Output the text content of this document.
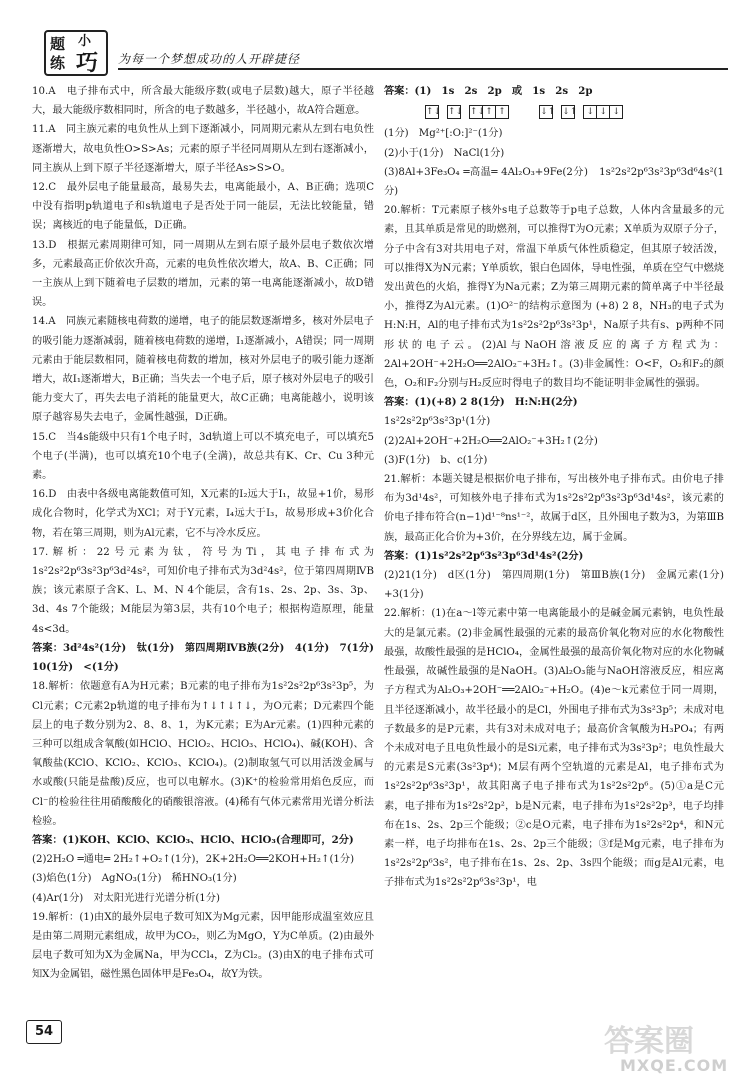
题 小
练 巧 为每一个梦想成功的人开辟捷径

10.A　电子排布式中，所含最大能级序数(或电子层数)越大，原子半径越大，最大能级序数相同时，所含的电子数越多，半径越小，故A符合题意。

11.A　同主族元素的电负性从上到下逐渐减小，同周期元素从左到右电负性逐渐增大，故电负性O>S>As；元素的原子半径同周期从左到右逐渐减小，同主族从上到下原子半径逐渐增大，原子半径As>S>O。

12.C　最外层电子能量最高，最易失去，电离能最小，A、B正确；选项C中没有指明p轨道电子和s轨道电子是否处于同一能层，无法比较能量，错误；离核近的电子能量低，D正确。

13.D　根据元素周期律可知，同一周期从左到右原子最外层电子数依次增多，元素最高正价依次升高，元素的电负性依次增大，故A、B、C正确；同一主族从上到下随着电子层数的增加，元素的第一电离能逐渐减小，故D错误。

14.A　同族元素随核电荷数的递增，电子的能层数逐渐增多，核对外层电子的吸引能力逐渐减弱，随着核电荷数的递增，I₁逐渐减小，A错误；同一周期元素由于能层数相同，随着核电荷数的增加，核对外层电子的吸引能力逐渐增大，故I₁逐渐增大，B正确；当失去一个电子后，原子核对外层电子的吸引能力变大了，再失去电子消耗的能量更大，故C正确；电离能越小，说明该原子越容易失去电子，金属性越强，D正确。

15.C　当4s能级中只有1个电子时，3d轨道上可以不填充电子，可以填充5个电子(半满)，也可以填充10个电子(全满)，故总共有K、Cr、Cu 3种元素。

16.D　由表中各级电离能数值可知，X元素的I₂远大于I₁，故显+1价，易形成化合物时，化学式为XCl；对于Y元素，I₄远大于I₃，故易形成+3价化合物，若在第三周期，则为Al元素，它不与冷水反应。

17.解析：22号元素为钛，符号为Ti，其电子排布式为1s²2s²2p⁶3s²3p⁶3d²4s²，可知价电子排布式为3d²4s²，位于第四周期ⅣB族；该元素原子含K、L、M、N 4个能层，含有1s、2s、2p、3s、3p、3d、4s 7个能级；M能层为第3层，共有10个电子；根据构造原理，能量4s<3d。

答案：3d²4s²(1分)　钛(1分)　第四周期ⅣB族(2分)　4(1分)　7(1分)　10(1分)　<(1分)

18.解析：依题意有A为H元素；B元素的电子排布为1s²2s²2p⁶3s²3p⁵，为Cl元素；C元素2p轨道的电子排布为↑↓↑↓↑↓，为O元素；D元素四个能层上的电子数分别为2、8、8、1，为K元素；E为Ar元素。(1)四种元素的三种可以组成含氧酸(如HClO、HClO₂、HClO₃、HClO₄)、碱(KOH)、含氧酸盐(KClO、KClO₂、KClO₃、KClO₄)。(2)制取氢气可以用活泼金属与水或酸(只能是盐酸)反应，也可以电解水。(3)K⁺的检验常用焰色反应，而Cl⁻的检验往往用硝酸酸化的硝酸银溶液。(4)稀有气体元素常用光谱分析法检验。

答案：(1)KOH、KClO、KClO₃、HClO、HClO₃(合理即可，2分)

(2)2H₂O ═通电═ 2H₂↑+O₂↑(1分)，2K+2H₂O══2KOH+H₂↑(1分)

(3)焰色(1分)　AgNO₃(1分)　稀HNO₃(1分)

(4)Ar(1分)　对太阳光进行光谱分析(1分)

19.解析：(1)由X的最外层电子数可知X为Mg元素，因甲能形成温室效应且是由第二周期元素组成，故甲为CO₂，则乙为MgO，Y为C单质。(2)由最外层电子数可知为X为金属Na，甲为CCl₄，Z为Cl₂。(3)由X的电子排布式可知X为金属铝，磁性黑色固体甲是Fe₃O₄，故Y为铁。

答案：(1)　1s　2s　2p　或　1s　2s　2p

↑↓ ↑↓ ↑↓ ↑ ↑
	↓↑ ↓↑	↓ ↓ ↓

(1分)　Mg²⁺[:O:]²⁻(1分)

(2)小于(1分)　NaCl(1分)

(3)8Al+3Fe₃O₄ ═高温═ 4Al₂O₃+9Fe(2分)　1s²2s²2p⁶3s²3p⁶3d⁶4s²(1分)

20.解析：T元素原子核外s电子总数等于p电子总数，人体内含量最多的元素，且其单质是常见的助燃剂，可以推得T为O元素；X单质为双原子分子，分子中含有3对共用电子对，常温下单质气体性质稳定，但其原子较活泼，可以推得X为N元素；Y单质软，银白色固体，导电性强，单质在空气中燃烧发出黄色的火焰，推得Y为Na元素；Z为第三周期元素的简单离子中半径最小，推得Z为Al元素。(1)O²⁻的结构示意图为 (+8) 2 8，NH₃的电子式为H:N:H，Al的电子排布式为1s²2s²2p⁶3s²3p¹，Na原子共有s、p两种不同形状的电子云。(2)Al与NaOH溶液反应的离子方程式为：2Al+2OH⁻+2H₂O══2AlO₂⁻+3H₂↑。(3)非金属性：O<F，O₂和F₂的颜色，O₂和F₂分别与H₂反应时得电子的数目均不能证明非金属性的强弱。

答案：(1)(+8) 2 8(1分)　H:N:H(2分)

1s²2s²2p⁶3s²3p¹(1分)

(2)2Al+2OH⁻+2H₂O══2AlO₂⁻+3H₂↑(2分)

(3)F(1分)　b、c(1分)

21.解析：本题关键是根据价电子排布，写出核外电子排布式。由价电子排布为3d¹4s²，可知核外电子排布式为1s²2s²2p⁶3s²3p⁶3d¹4s²，该元素的价电子排布符合(n−1)d¹⁻⁸ns¹⁻²，故属于d区，且外围电子数为3，为第ⅢB族，最高正化合价为+3价，在分界线左边，属于金属。

答案：(1)1s²2s²2p⁶3s²3p⁶3d¹4s²(2分)

(2)21(1分)　d区(1分)　第四周期(1分)　第ⅢB族(1分)　金属元素(1分)　+3(1分)

22.解析：(1)在a～l等元素中第一电离能最小的是碱金属元素钠，电负性最大的是氯元素。(2)非金属性最强的元素的最高价氧化物对应的水化物酸性最强，故酸性最强的是HClO₄，金属性最强的最高价氧化物对应的水化物碱性最强，故碱性最强的是NaOH。(3)Al₂O₃能与NaOH溶液反应，相应离子方程式为Al₂O₃+2OH⁻══2AlO₂⁻+H₂O。(4)e～k元素位于同一周期，且半径逐渐减小，故半径最小的是Cl，外围电子排布式为3s²3p⁵；未成对电子数最多的是P元素，共有3对未成对电子；最高价含氧酸为H₃PO₄；有两个未成对电子且电负性最小的是Si元素，电子排布式为3s²3p²；电负性最大的元素是S元素(3s²3p⁴)；M层有两个空轨道的元素是Al，电子排布式为1s²2s²2p⁶3s²3p¹，故其阳离子电子排布式为1s²2s²2p⁶。(5)①a是C元素，电子排布为1s²2s²2p²，b是N元素，电子排布为1s²2s²2p³，电子均排布在1s、2s、2p三个能级；②c是O元素，电子排布为1s²2s²2p⁴，和N元素一样，电子均排布在1s、2s、2p三个能级；③f是Mg元素，电子排布为1s²2s²2p⁶3s²，电子排布在1s、2s、2p、3s四个能级；而g是Al元素，电子排布式为1s²2s²2p⁶3s²3p¹，电

54	答案圈
MXQE.COM
